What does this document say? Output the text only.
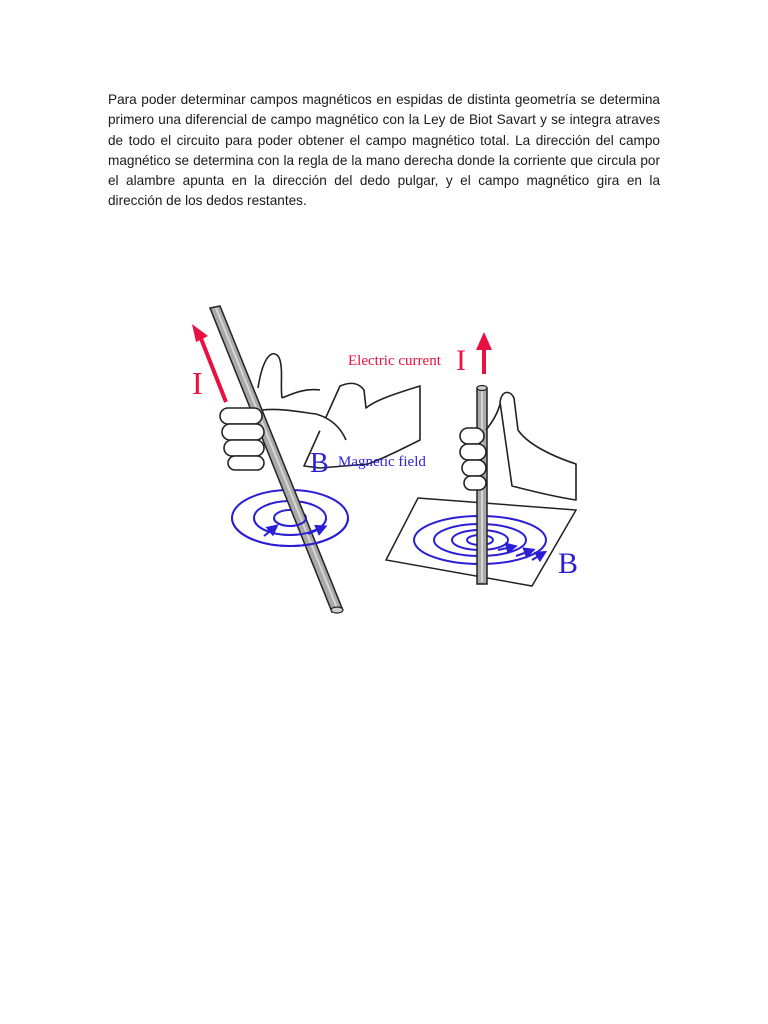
Para poder determinar campos magnéticos en espidas de distinta geometría se determina primero una diferencial de campo magnético con la Ley de Biot Savart y se integra atraves de todo el circuito para poder obtener el campo magnético total. La dirección del campo magnético se determina con la regla de la mano derecha donde la corriente que circula por el alambre apunta en la dirección del dedo pulgar, y el campo magnético gira en la dirección de los dedos restantes.

I
B Magnetic field
Electric current I
B
